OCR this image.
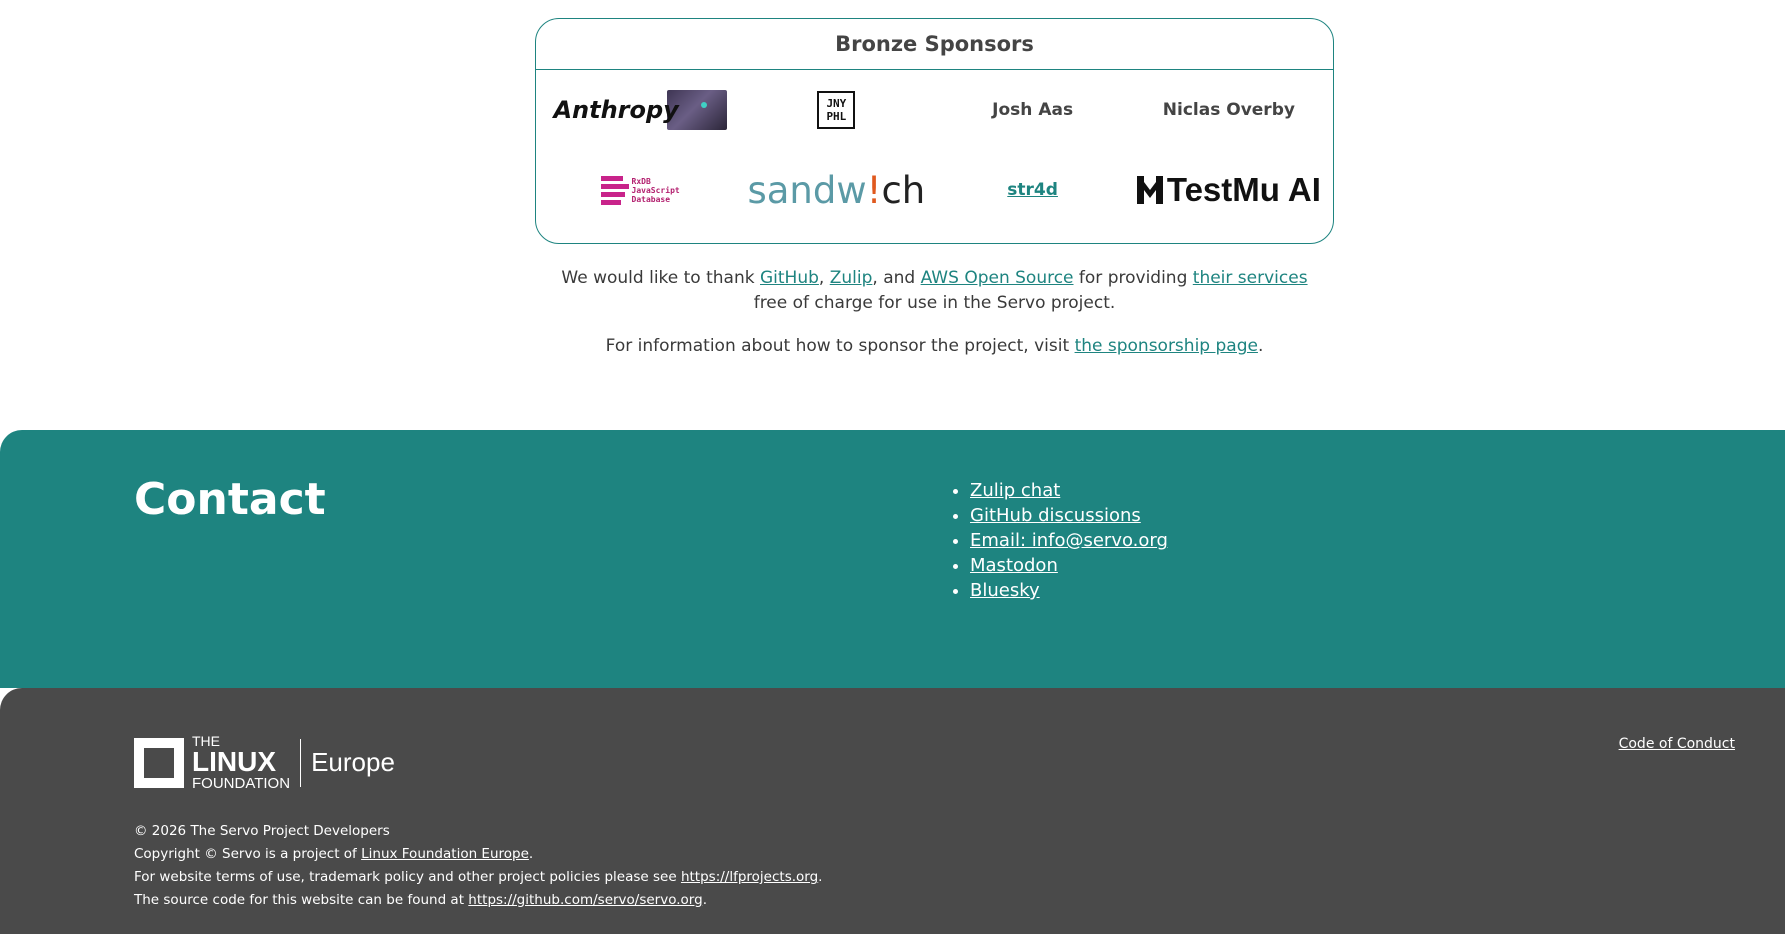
Bronze Sponsors
Anthropy	JNY
PHL	Josh Aas	Niclas Overby
RxDB
JavaScript
Database sandw!ch	str4d	TestMu AI
We would like to thank GitHub, Zulip, and AWS Open Source for providing their services
free of charge for use in the Servo project.
For information about how to sponsor the project, visit the sponsorship page.
Contact
•	Zulip chat
• GitHub discussions
• Email: info@servo.org
• Mastodon
• Bluesky
THE
LINUX
FOUNDATION
Europe
Code of Conduct
© 2026 The Servo Project Developers
Copyright © Servo is a project of Linux Foundation Europe.
For website terms of use, trademark policy and other project policies please see https://lfprojects.org.
The source code for this website can be found at https://github.com/servo/servo.org.
